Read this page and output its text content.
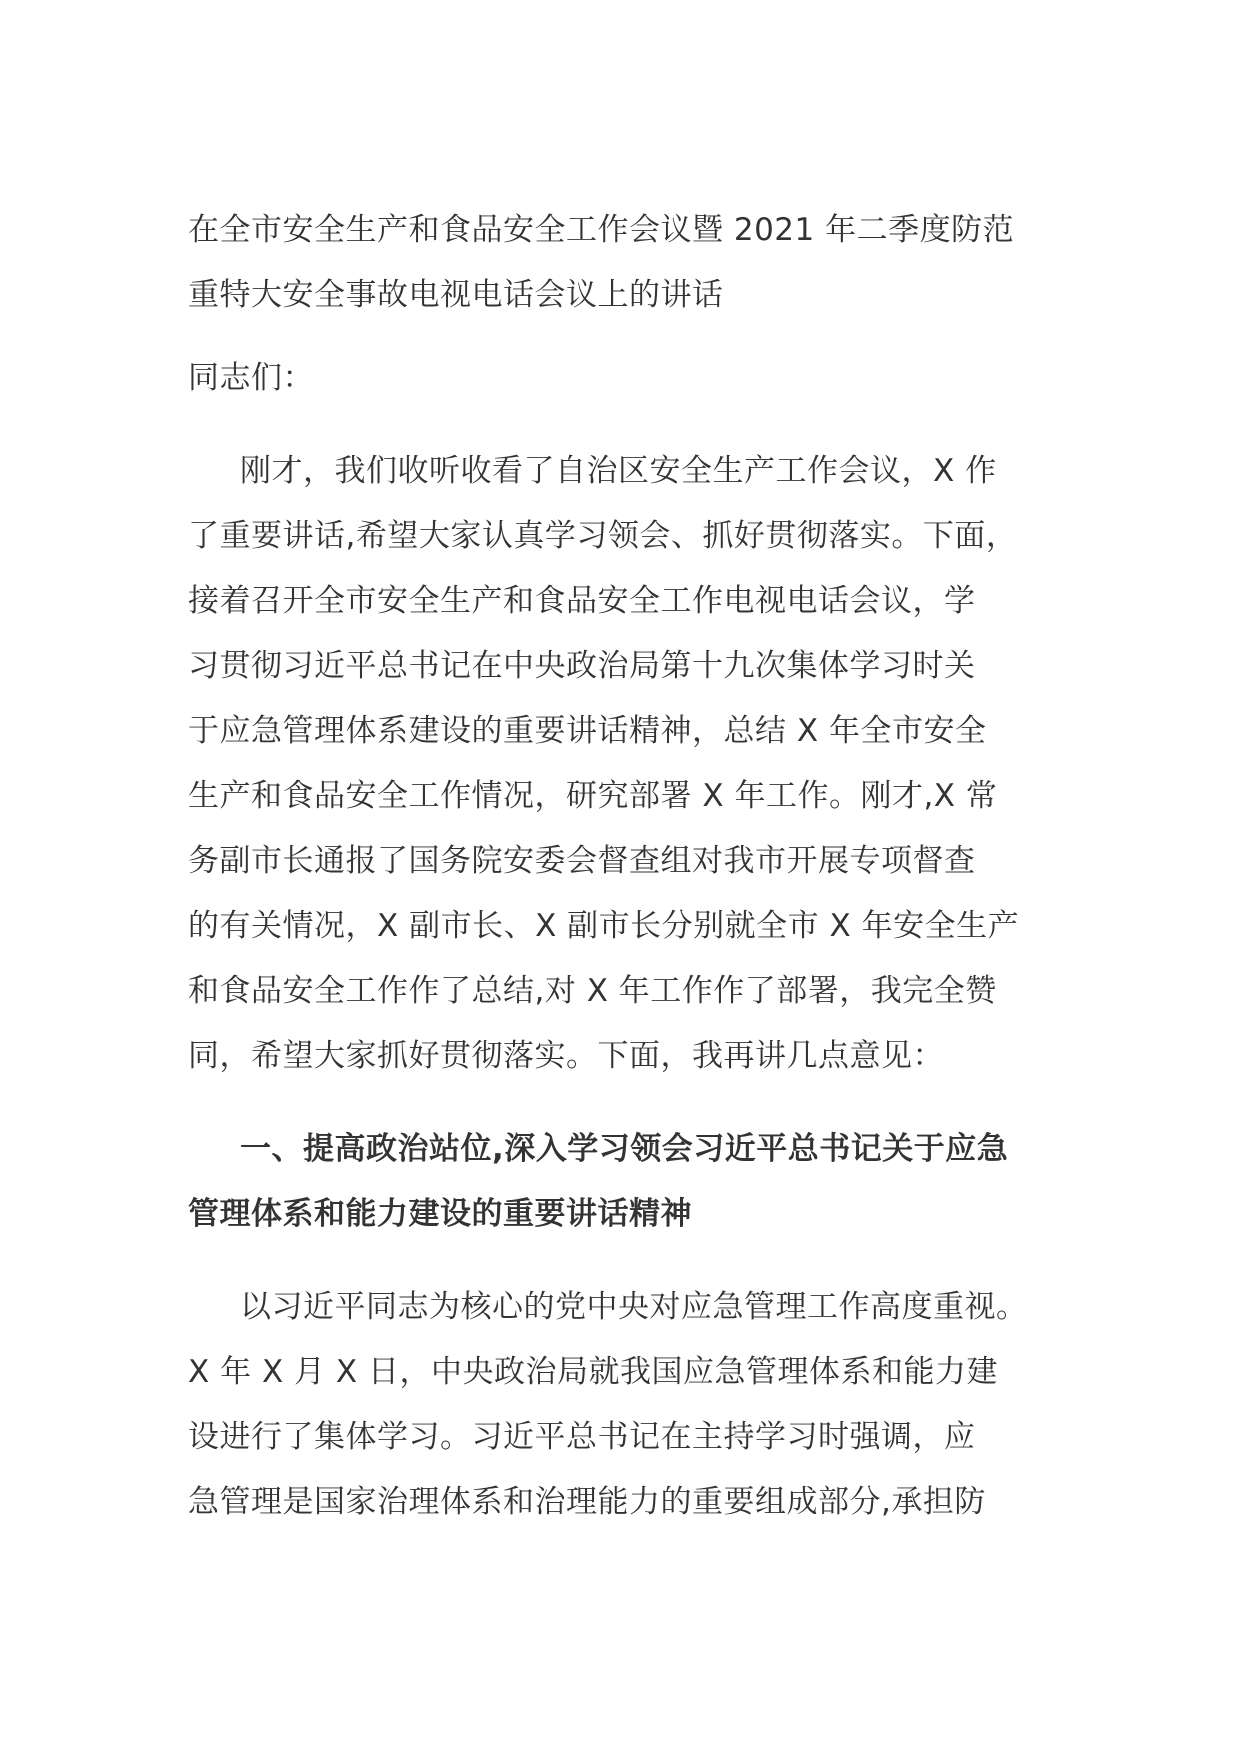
在全市安全生产和食品安全工作会议暨 2021 年二季度防范
重特大安全事故电视电话会议上的讲话
同志们：
刚才，我们收听收看了自治区安全生产工作会议，X 作
了重要讲话,希望大家认真学习领会、抓好贯彻落实。下面，
接着召开全市安全生产和食品安全工作电视电话会议，学
习贯彻习近平总书记在中央政治局第十九次集体学习时关
于应急管理体系建设的重要讲话精神，总结 X 年全市安全
生产和食品安全工作情况，研究部署 X 年工作。刚才,X 常
务副市长通报了国务院安委会督查组对我市开展专项督查
的有关情况，X 副市长、X 副市长分别就全市 X 年安全生产
和食品安全工作作了总结,对 X 年工作作了部署，我完全赞
同，希望大家抓好贯彻落实。下面，我再讲几点意见：
一、提高政治站位,深入学习领会习近平总书记关于应急
管理体系和能力建设的重要讲话精神
以习近平同志为核心的党中央对应急管理工作高度重视。
X 年 X 月 X 日，中央政治局就我国应急管理体系和能力建
设进行了集体学习。习近平总书记在主持学习时强调，应
急管理是国家治理体系和治理能力的重要组成部分,承担防
